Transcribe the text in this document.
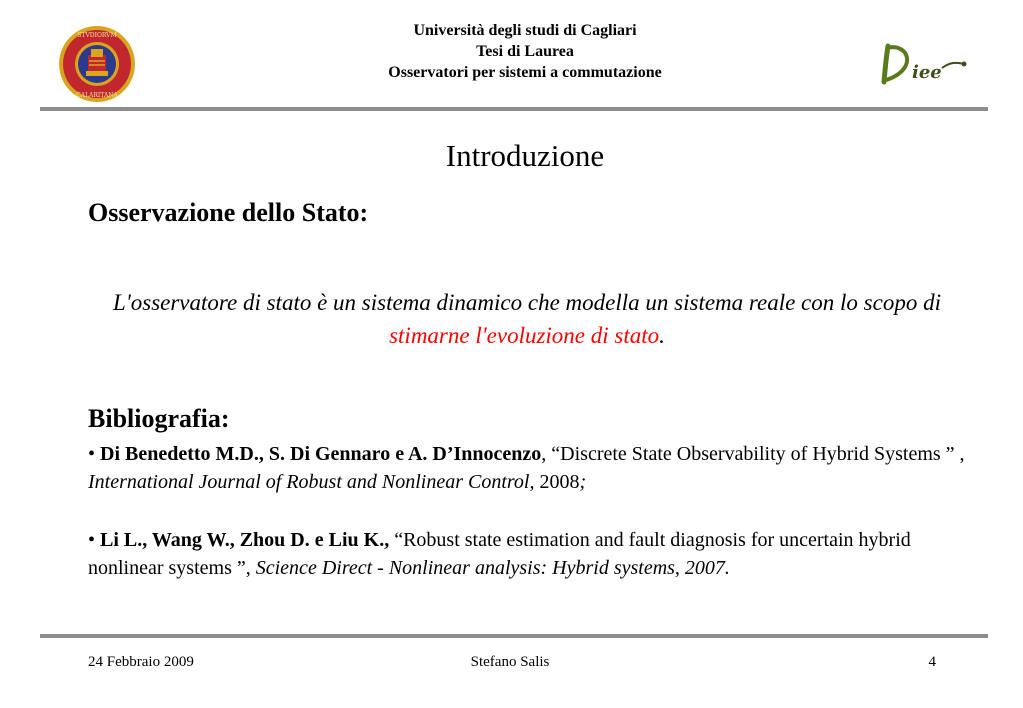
STVDIORVM
CALARITANA
Università degli studi di Cagliari
Tesi di Laurea
Osservatori per sistemi a commutazione	iee
Introduzione
Osservazione dello Stato:
L'osservatore di stato è un sistema dinamico che modella un sistema reale con lo scopo di stimarne l'evoluzione di stato.
Bibliografia:
• Di Benedetto M.D., S. Di Gennaro e A. D’Innocenzo, “Discrete State Observability of Hybrid Systems ” , International Journal of Robust and Nonlinear Control, 2008;
• Li L., Wang W., Zhou D. e Liu K., “Robust state estimation and fault diagnosis for uncertain hybrid nonlinear systems ”, Science Direct - Nonlinear analysis: Hybrid systems, 2007.
24 Febbraio 2009	Stefano Salis	4
